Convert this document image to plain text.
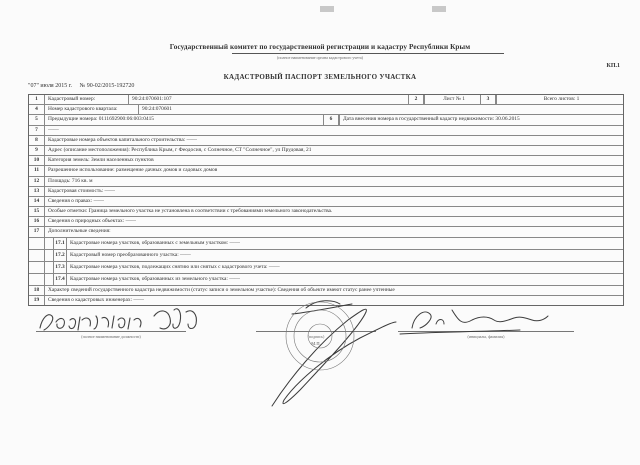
Государственный комитет по государственной регистрации и кадастру Республики Крым
(полное наименование органа кадастрового учета)
КП.1
КАДАСТРОВЫЙ ПАСПОРТ ЗЕМЕЛЬНОГО УЧАСТКА
"07" июля 2015 г. № 90-02/2015-192720
1	Кадастровый номер:	90:24:070601:107	2	Лист № 1	3	Всего листов: 1
4	Номер кадастрового квартала:	90:24:070601
5	Предыдущие номера: 0111692900:06:003:0415	6	Дата внесения номера в государственный кадастр недвижимости: 30.06.2015
7	——
8	Кадастровые номера объектов капитального строительства: ——
9	Адрес (описание местоположения): Республика Крым, г Феодосия, с Солнечное, СТ "Солнечное", ул Прудовая, 21
10	Категория земель: Земли населенных пунктов
11	Разрешенное использование: размещение дачных домов и садовых домов
12	Площадь: 716 кв. м
13	Кадастровая стоимость: ——
14	Сведения о правах: ——
15	Особые отметки: Граница земельного участка не установлена в соответствии с требованиями земельного законодательства.
16	Сведения о природных объектах: ——
17	Дополнительные сведения:
17.1 Кадастровые номера участков, образованных с земельным участком: ——
17.2 Кадастровый номер преобразованного участка: ——
17.3 Кадастровые номера участков, подлежащих снятию или снятых с кадастрового учета: ——
17.4 Кадастровые номера участков, образованных из земельного участка: ——
18	Характер сведений государственного кадастра недвижимости (статус записи о земельном участке): Сведения об объекте имеют статус ранее учтенные
19	Сведения о кадастровых инженерах: ——
(полное наименование должности)	(подпись)	(инициалы, фамилия)
М.П.
